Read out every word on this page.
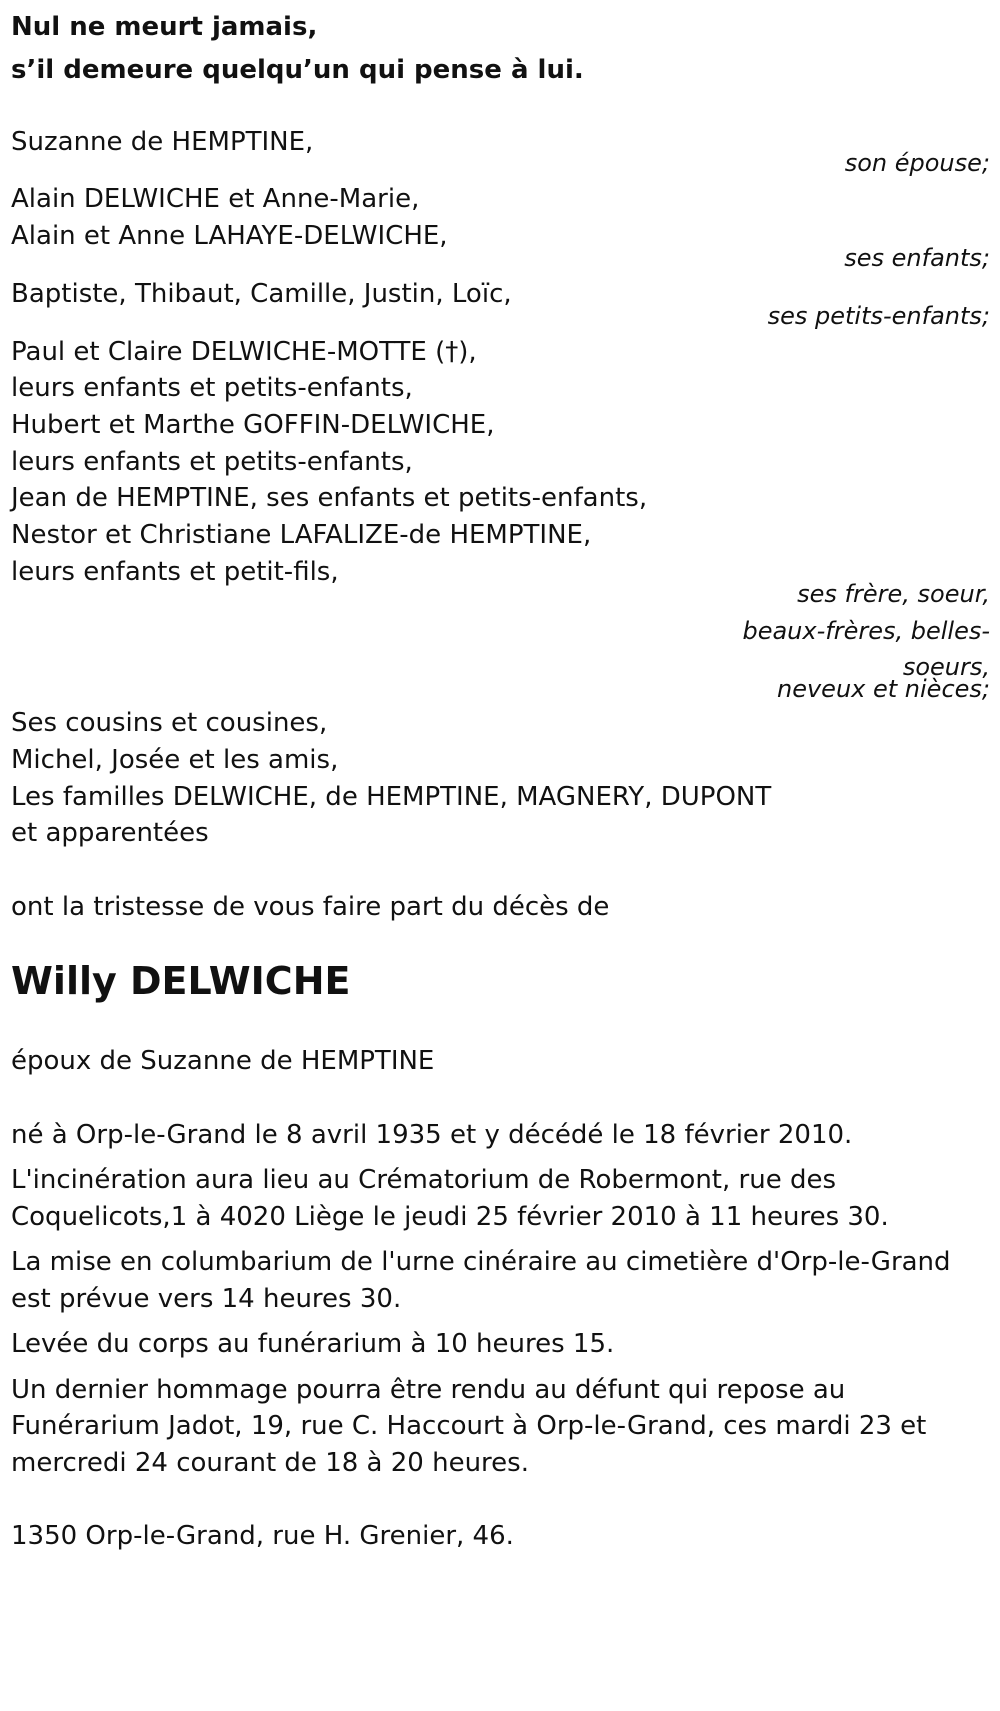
Nul ne meurt jamais,
s’il demeure quelqu’un qui pense à lui.
Suzanne de HEMPTINE,
son épouse;
Alain DELWICHE et Anne-Marie,
Alain et Anne LAHAYE-DELWICHE,
ses enfants;
Baptiste, Thibaut, Camille, Justin, Loïc,
ses petits-enfants;
Paul et Claire DELWICHE-MOTTE (†),
leurs enfants et petits-enfants,
Hubert et Marthe GOFFIN-DELWICHE,
leurs enfants et petits-enfants,
Jean de HEMPTINE, ses enfants et petits-enfants,
Nestor et Christiane LAFALIZE-de HEMPTINE,
leurs enfants et petit-fils,
ses frère, soeur,
beaux-frères, belles-
soeurs,
neveux et nièces;
Ses cousins et cousines,
Michel, Josée et les amis,
Les familles DELWICHE, de HEMPTINE, MAGNERY, DUPONT
et apparentées
ont la tristesse de vous faire part du décès de
Willy DELWICHE
époux de Suzanne de HEMPTINE
né à Orp-le-Grand le 8 avril 1935 et y décédé le 18 février 2010.
L'incinération aura lieu au Crématorium de Robermont, rue des
Coquelicots,1 à 4020 Liège le jeudi 25 février 2010 à 11 heures 30.
La mise en columbarium de l'urne cinéraire au cimetière d'Orp-le-Grand
est prévue vers 14 heures 30.
Levée du corps au funérarium à 10 heures 15.
Un dernier hommage pourra être rendu au défunt qui repose au
Funérarium Jadot, 19, rue C. Haccourt à Orp-le-Grand, ces mardi 23 et
mercredi 24 courant de 18 à 20 heures.
1350 Orp-le-Grand, rue H. Grenier, 46.
